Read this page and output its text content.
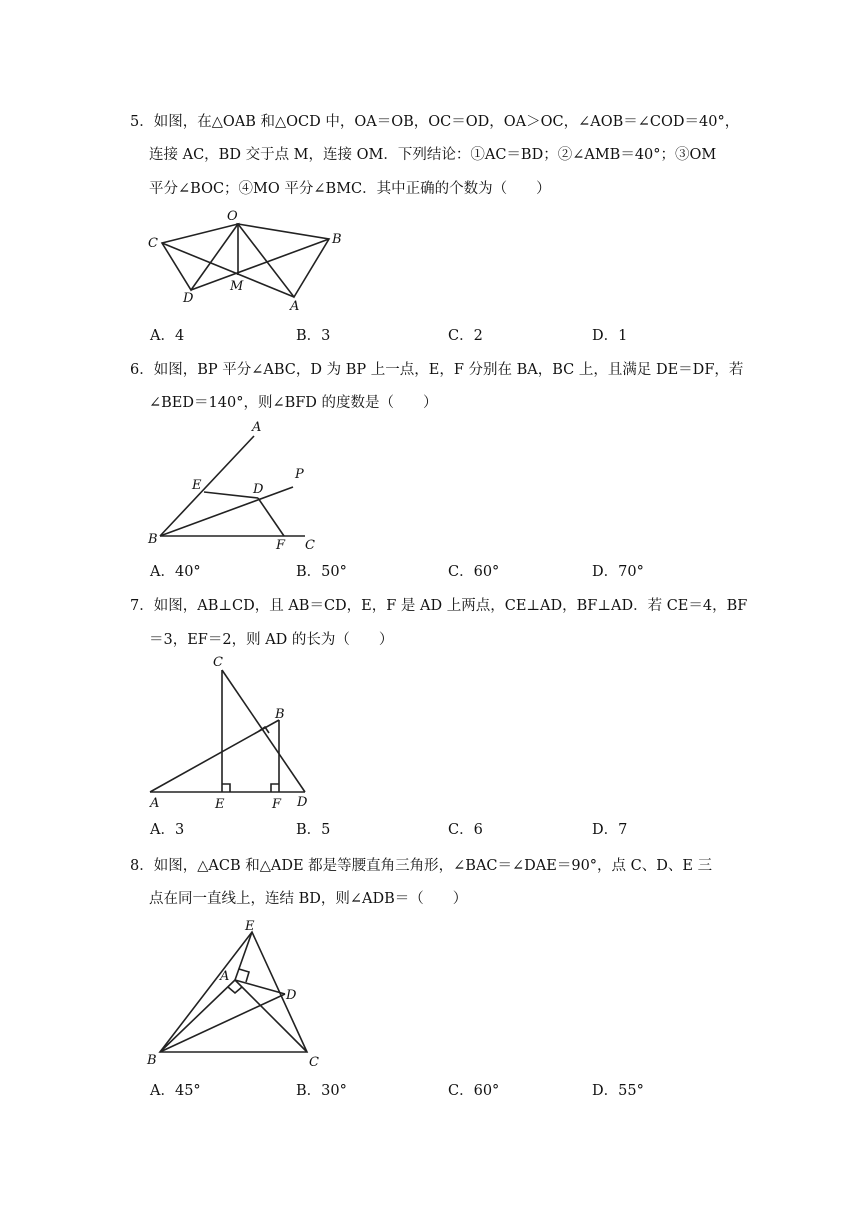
5．如图，在△OAB 和△OCD 中，OA＝OB，OC＝OD，OA＞OC，∠AOB＝∠COD＝40°，
连接 AC，BD 交于点 M，连接 OM．下列结论：①AC＝BD；②∠AMB＝40°；③OM
平分∠BOC；④MO 平分∠BMC．其中正确的个数为（　　）
O
C	B
D
M
A
A．4	B．3	C．2	D．1
6．如图，BP 平分∠ABC，D 为 BP 上一点，E，F 分别在 BA，BC 上，且满足 DE＝DF，若
∠BED＝140°，则∠BFD 的度数是（　　）
A
E	D
P
B	F C
A．40°	B．50°	C．60°	D．70°
7．如图，AB⊥CD，且 AB＝CD，E，F 是 AD 上两点，CE⊥AD，BF⊥AD．若 CE＝4，BF
＝3，EF＝2，则 AD 的长为（　　）
C
B
A	E	F D
A．3	B．5	C．6	D．7
8．如图，△ACB 和△ADE 都是等腰直角三角形，∠BAC＝∠DAE＝90°，点 C、D、E 三
点在同一直线上，连结 BD，则∠ADB＝（　　）
E
A
D
B	C
A．45°	B．30°	C．60°	D．55°
